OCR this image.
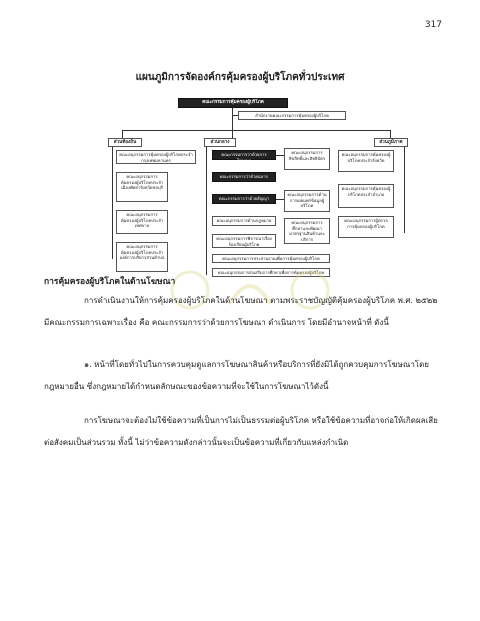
317
แผนภูมิการจัดองค์กรคุ้มครองผู้บริโภคทั่วประเทศ
คณะกรรมการคุ้มครองผู้บริโภค
สำนักงานคณะกรรมการคุ้มครองผู้บริโภค
ส่วนท้องถิ่น	ส่วนกลาง	ส่วนภูมิภาค
คณะอนุกรรมการคุ้มครองผู้บริโภคประจำกรุงเทพมหานคร
คณะอนุกรรมการคุ้มครองผู้บริโภคประจำเมืองพัทยาจังหวัดชลบุรี
คณะอนุกรรมการคุ้มครองผู้บริโภคประจำเทศบาล
คณะอนุกรรมการคุ้มครองผู้บริโภคประจำองค์การบริหารส่วนตำบล
คณะกรรมการว่าด้วยการโฆษณา
คณะกรรมการว่าด้วยฉลาก
คณะกรรมการว่าด้วยสัญญา
คณะอนุกรรมการด้านกฎหมาย
คณะอนุกรรมการพิจารณาเรื่องร้องเรียนผู้บริโภค
คณะอนุกรรมการประสานงานเพื่อการคุ้มครองผู้บริโภค
คณะอนุกรรมการส่งเสริมการศึกษาเพื่อการคุ้มครองผู้บริโภค
คณะอนุกรรมการลิขสิทธิ์และสิทธิบัตร
คณะอนุกรรมการด้านการเผยแพร่ข้อมูลผู้บริโภค
คณะอนุกรรมการศึกษาและพัฒนามาตรฐานสินค้าและบริการ
คณะอนุกรรมการคุ้มครองผู้บริโภคประจำจังหวัด
คณะอนุกรรมการคุ้มครองผู้บริโภคประจำอำเภอ
คณะอนุกรรมการผู้ตรวจการคุ้มครองผู้บริโภค
การคุ้มครองผู้บริโภคในด้านโฆษณา
การดำเนินงานให้การคุ้มครองผู้บริโภคในด้านโฆษณา ตามพระราชบัญญัติคุ้มครองผู้บริโภค พ.ศ. ๒๕๒๒ มีคณะกรรมการเฉพาะเรื่อง คือ คณะกรรมการว่าด้วยการโฆษณา ดำเนินการ โดยมีอำนาจหน้าที่ ดังนี้
๑. หน้าที่โดยทั่วไปในการควบคุมดูแลการโฆษณาสินค้าหรือบริการที่ยังมิได้ถูกควบคุมการโฆษณาโดยกฎหมายอื่น ซึ่งกฎหมายได้กำหนดลักษณะของข้อความที่จะใช้ในการโฆษณาไว้ดังนี้
การโฆษณาจะต้องไม่ใช้ข้อความที่เป็นการไม่เป็นธรรมต่อผู้บริโภค หรือใช้ข้อความที่อาจก่อให้เกิดผลเสียต่อสังคมเป็นส่วนรวม ทั้งนี้ ไม่ว่าข้อความดังกล่าวนั้นจะเป็นข้อความที่เกี่ยวกับแหล่งกำเนิด
